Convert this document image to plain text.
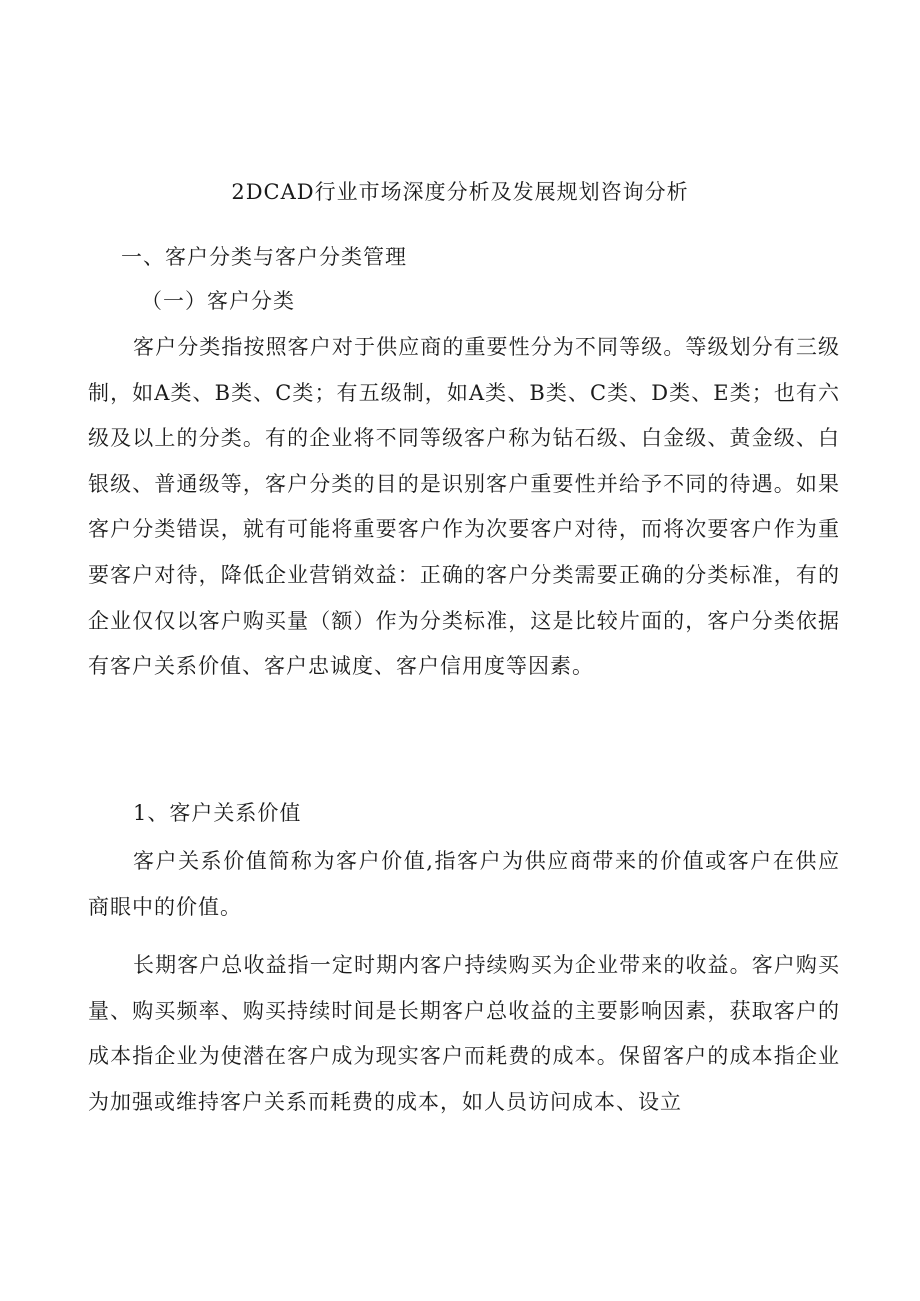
2DCAD行业市场深度分析及发展规划咨询分析
一、客户分类与客户分类管理
（一）客户分类

客户分类指按照客户对于供应商的重要性分为不同等级。等级划分有三级制，如A类、B类、C类；有五级制，如A类、B类、C类、D类、E类；也有六级及以上的分类。有的企业将不同等级客户称为钻石级、白金级、黄金级、白银级、普通级等，客户分类的目的是识别客户重要性并给予不同的待遇。如果客户分类错误，就有可能将重要客户作为次要客户对待，而将次要客户作为重要客户对待，降低企业营销效益：正确的客户分类需要正确的分类标准，有的企业仅仅以客户购买量（额）作为分类标准，这是比较片面的，客户分类依据有客户关系价值、客户忠诚度、客户信用度等因素。

1、客户关系价值

客户关系价值简称为客户价值,指客户为供应商带来的价值或客户在供应商眼中的价值。

长期客户总收益指一定时期内客户持续购买为企业带来的收益。客户购买量、购买频率、购买持续时间是长期客户总收益的主要影响因素，获取客户的成本指企业为使潜在客户成为现实客户而耗费的成本。保留客户的成本指企业为加强或维持客户关系而耗费的成本，如人员访问成本、设立
